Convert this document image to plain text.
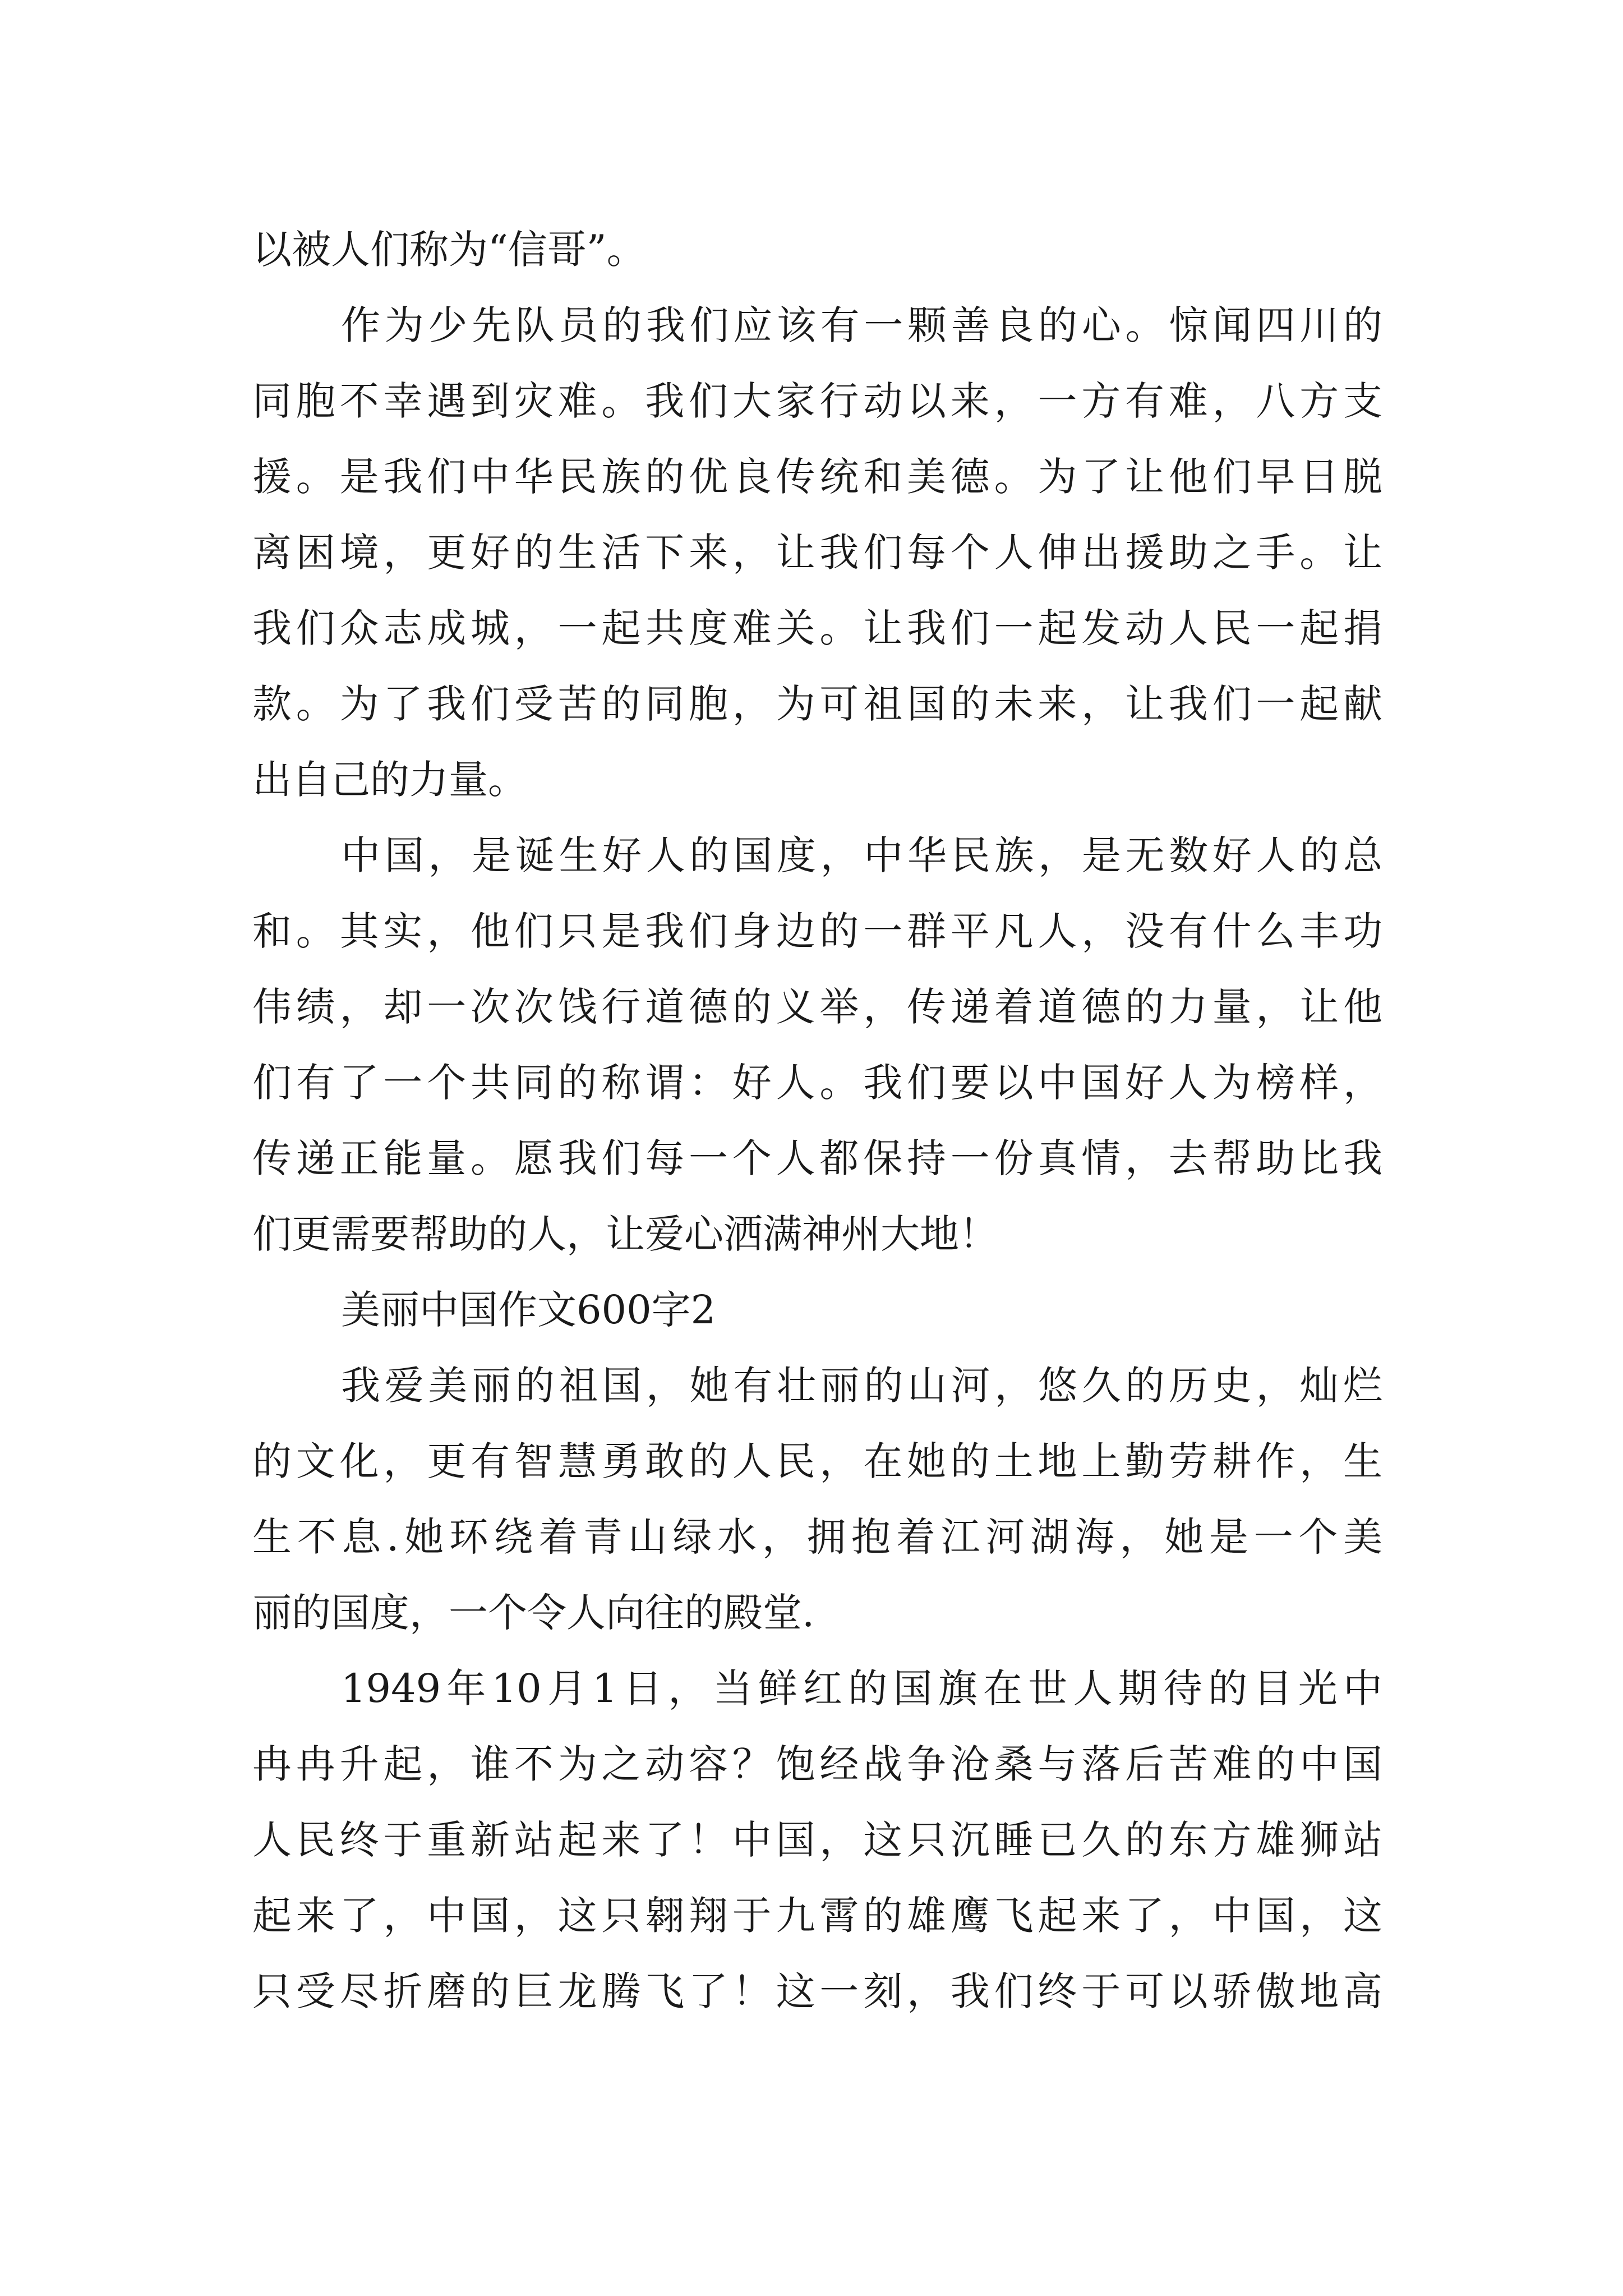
以被人们称为“信哥”。
作为少先队员的我们应该有一颗善良的心。惊闻四川的
同胞不幸遇到灾难。我们大家行动以来，一方有难，八方支
援。是我们中华民族的优良传统和美德。为了让他们早日脱
离困境，更好的生活下来，让我们每个人伸出援助之手。让
我们众志成城，一起共度难关。让我们一起发动人民一起捐
款。为了我们受苦的同胞，为可祖国的未来，让我们一起献
出自己的力量。
中国，是诞生好人的国度，中华民族，是无数好人的总
和。其实，他们只是我们身边的一群平凡人，没有什么丰功
伟绩，却一次次饯行道德的义举，传递着道德的力量，让他
们有了一个共同的称谓：好人。我们要以中国好人为榜样，
传递正能量。愿我们每一个人都保持一份真情，去帮助比我
们更需要帮助的人，让爱心洒满神州大地！
美丽中国作文600字2
我爱美丽的祖国，她有壮丽的山河，悠久的历史，灿烂
的文化，更有智慧勇敢的人民，在她的土地上勤劳耕作，生
生不息.她环绕着青山绿水，拥抱着江河湖海，她是一个美
丽的国度，一个令人向往的殿堂.
1949年10月1日，当鲜红的国旗在世人期待的目光中
冉冉升起，谁不为之动容？饱经战争沧桑与落后苦难的中国
人民终于重新站起来了！中国，这只沉睡已久的东方雄狮站
起来了，中国，这只翱翔于九霄的雄鹰飞起来了，中国，这
只受尽折磨的巨龙腾飞了！这一刻，我们终于可以骄傲地高
